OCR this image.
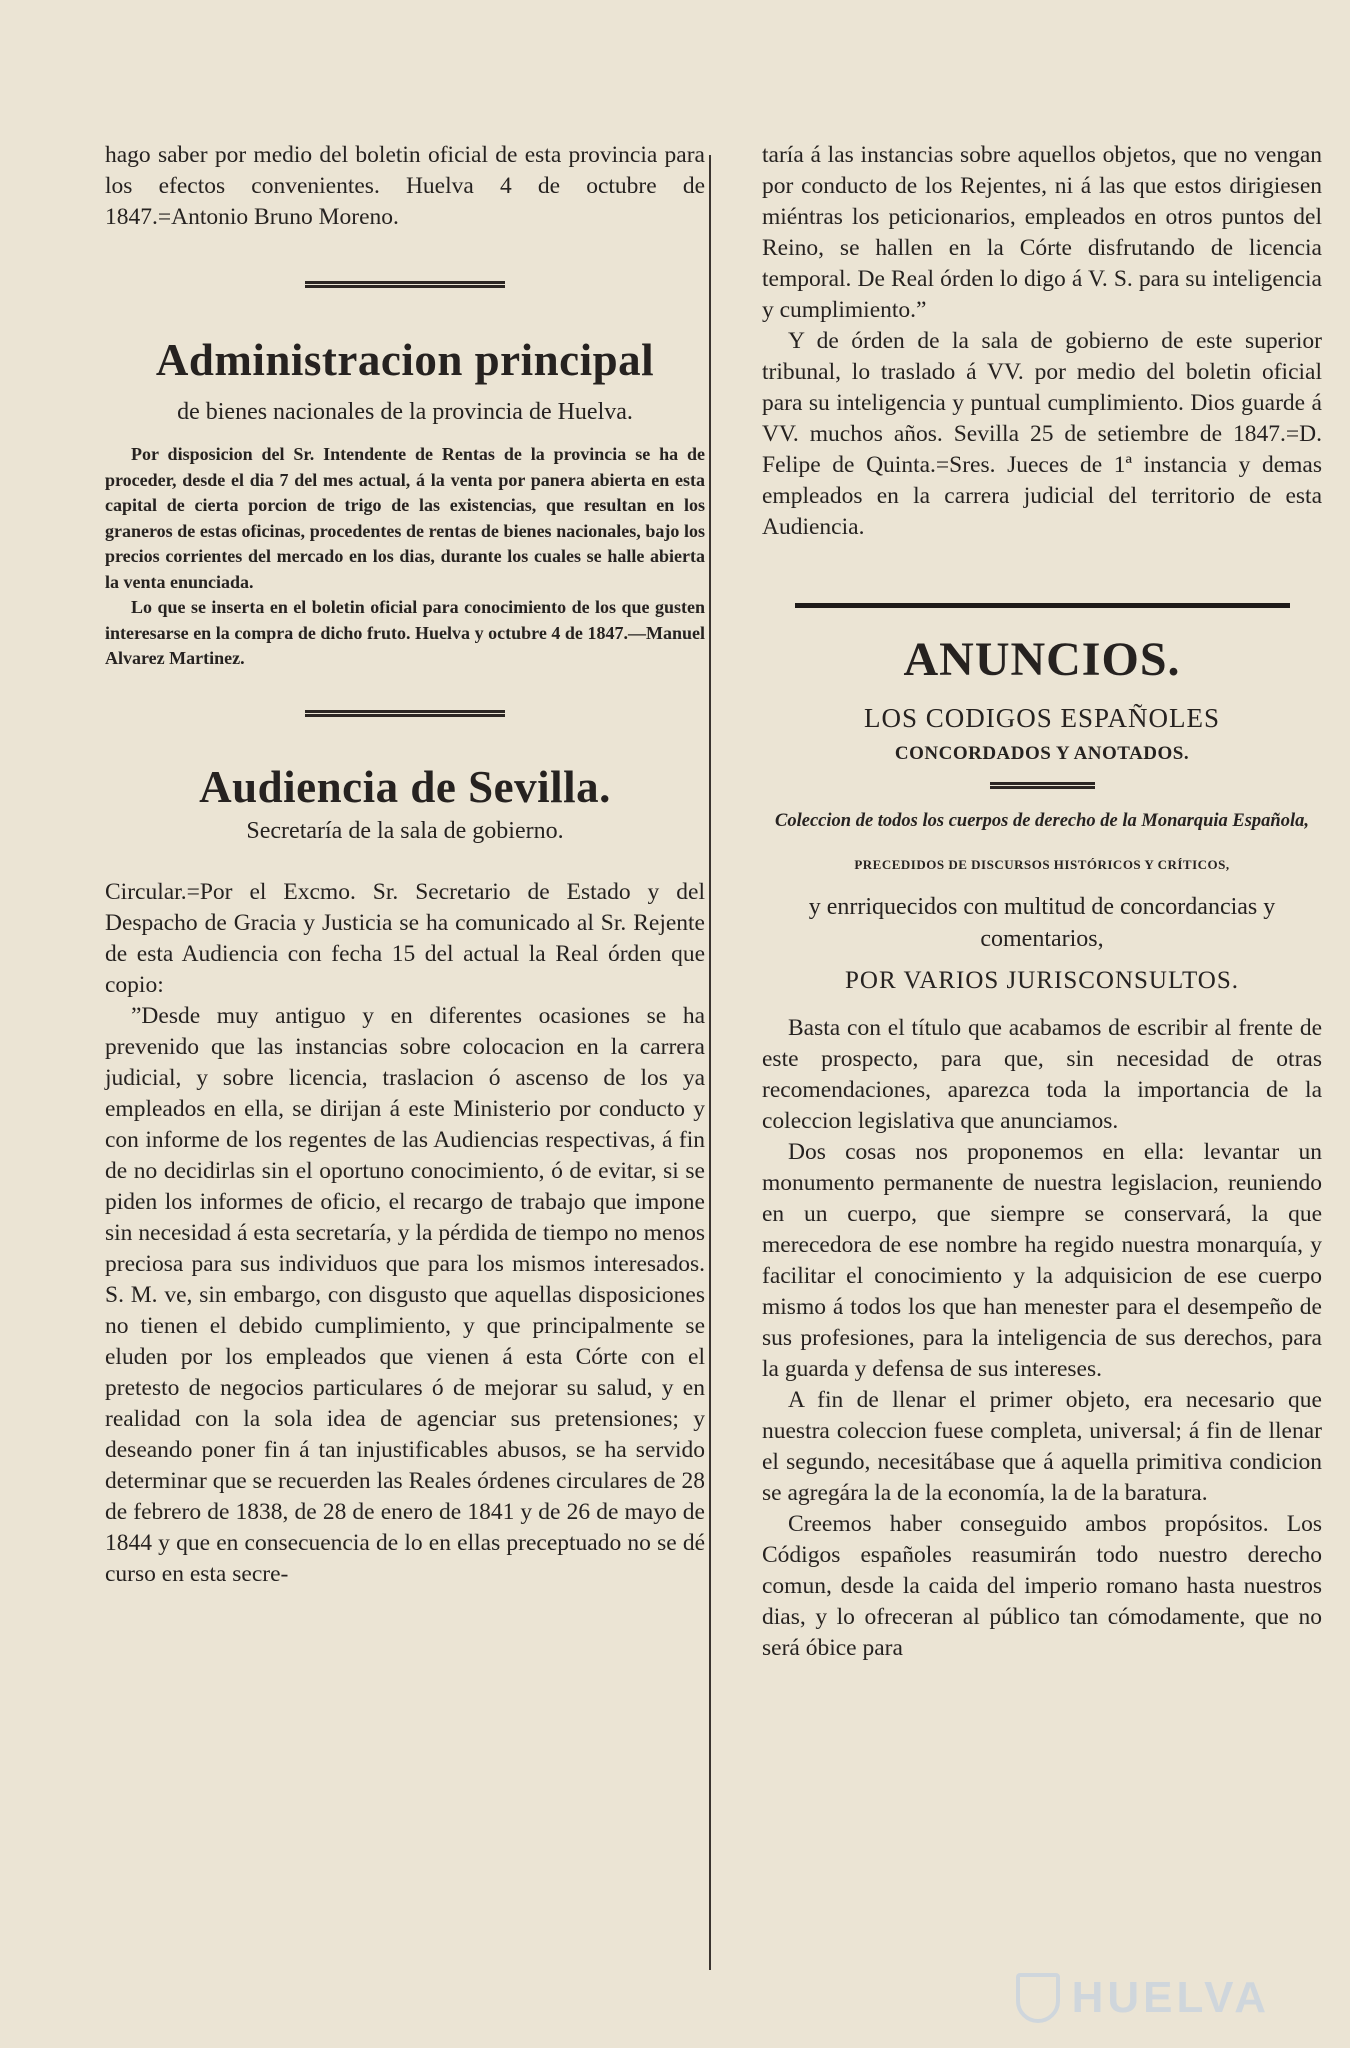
hago saber por medio del boletin oficial de esta provincia para los efectos convenientes. Huelva 4 de octubre de 1847.=Antonio Bruno Moreno.

Administracion principal
de bienes nacionales de la provincia de Huelva.

Por disposicion del Sr. Intendente de Rentas de la provincia se ha de proceder, desde el dia 7 del mes actual, á la venta por panera abierta en esta capital de cierta porcion de trigo de las existencias, que resultan en los graneros de estas oficinas, procedentes de rentas de bienes nacionales, bajo los precios corrientes del mercado en los dias, durante los cuales se halle abierta la venta enunciada.

Lo que se inserta en el boletin oficial para conocimiento de los que gusten interesarse en la compra de dicho fruto. Huelva y octubre 4 de 1847.—Manuel Alvarez Martinez.

Audiencia de Sevilla.
Secretaría de la sala de gobierno.

Circular.=Por el Excmo. Sr. Secretario de Estado y del Despacho de Gracia y Justicia se ha comunicado al Sr. Rejente de esta Audiencia con fecha 15 del actual la Real órden que copio:

”Desde muy antiguo y en diferentes ocasiones se ha prevenido que las instancias sobre colocacion en la carrera judicial, y sobre licencia, traslacion ó ascenso de los ya empleados en ella, se dirijan á este Ministerio por conducto y con informe de los regentes de las Audiencias respectivas, á fin de no decidirlas sin el oportuno conocimiento, ó de evitar, si se piden los informes de oficio, el recargo de trabajo que impone sin necesidad á esta secretaría, y la pérdida de tiempo no menos preciosa para sus individuos que para los mismos interesados. S. M. ve, sin embargo, con disgusto que aquellas disposiciones no tienen el debido cumplimiento, y que principalmente se eluden por los empleados que vienen á esta Córte con el pretesto de negocios particulares ó de mejorar su salud, y en realidad con la sola idea de agenciar sus pretensiones; y deseando poner fin á tan injustificables abusos, se ha servido determinar que se recuerden las Reales órdenes circulares de 28 de febrero de 1838, de 28 de enero de 1841 y de 26 de mayo de 1844 y que en consecuencia de lo en ellas preceptuado no se dé curso en esta secre-

taría á las instancias sobre aquellos objetos, que no vengan por conducto de los Rejentes, ni á las que estos dirigiesen miéntras los peticionarios, empleados en otros puntos del Reino, se hallen en la Córte disfrutando de licencia temporal. De Real órden lo digo á V. S. para su inteligencia y cumplimiento.”

Y de órden de la sala de gobierno de este superior tribunal, lo traslado á VV. por medio del boletin oficial para su inteligencia y puntual cumplimiento. Dios guarde á VV. muchos años. Sevilla 25 de setiembre de 1847.=D. Felipe de Quinta.=Sres. Jueces de 1ª instancia y demas empleados en la carrera judicial del territorio de esta Audiencia.

ANUNCIOS.
LOS CODIGOS ESPAÑOLES
CONCORDADOS Y ANOTADOS.
Coleccion de todos los cuerpos de derecho de la Monarquia Española,
PRECEDIDOS DE DISCURSOS HISTÓRICOS Y CRÍTICOS,
y enrriquecidos con multitud de concordancias y comentarios,
POR VARIOS JURISCONSULTOS.

Basta con el título que acabamos de escribir al frente de este prospecto, para que, sin necesidad de otras recomendaciones, aparezca toda la importancia de la coleccion legislativa que anunciamos.

Dos cosas nos proponemos en ella: levantar un monumento permanente de nuestra legislacion, reuniendo en un cuerpo, que siempre se conservará, la que merecedora de ese nombre ha regido nuestra monarquía, y facilitar el conocimiento y la adquisicion de ese cuerpo mismo á todos los que han menester para el desempeño de sus profesiones, para la inteligencia de sus derechos, para la guarda y defensa de sus intereses.

A fin de llenar el primer objeto, era necesario que nuestra coleccion fuese completa, universal; á fin de llenar el segundo, necesitábase que á aquella primitiva condicion se agregára la de la economía, la de la baratura.

Creemos haber conseguido ambos propósitos. Los Códigos españoles reasumirán todo nuestro derecho comun, desde la caida del imperio romano hasta nuestros dias, y lo ofreceran al público tan cómodamente, que no será óbice para

HUELVA
